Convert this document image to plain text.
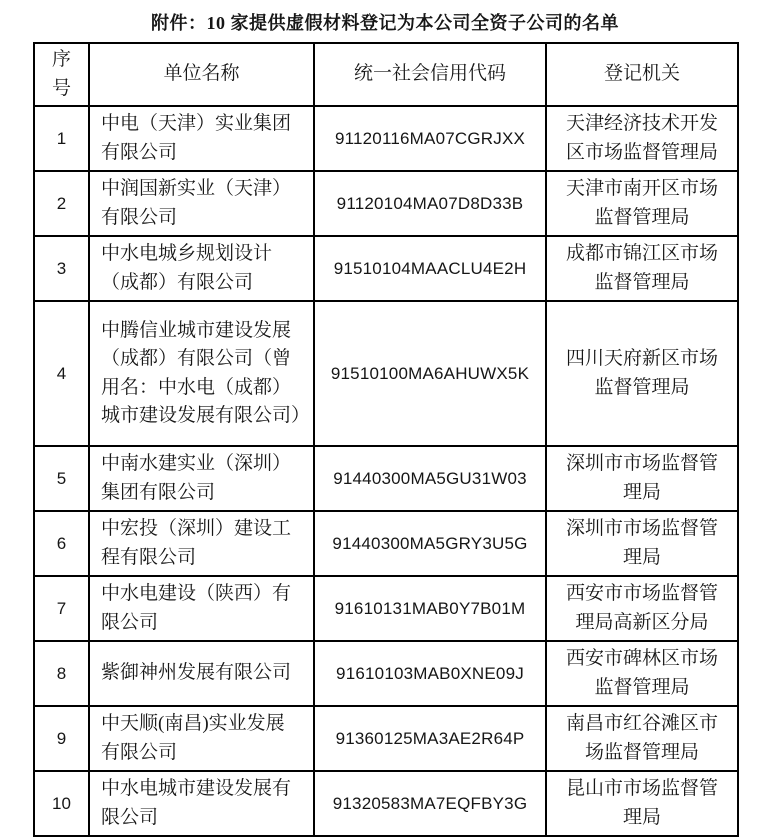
附件：10 家提供虚假材料登记为本公司全资子公司的名单
序号	单位名称	统一社会信用代码	登记机关
1	中电（天津）实业集团有限公司	91120116MA07CGRJXX	天津经济技术开发区市场监督管理局
2	中润国新实业（天津）有限公司	91120104MA07D8D33B	天津市南开区市场监督管理局
3	中水电城乡规划设计（成都）有限公司	91510104MAACLU4E2H	成都市锦江区市场监督管理局
4	中腾信业城市建设发展（成都）有限公司（曾用名：中水电（成都）城市建设发展有限公司）	91510100MA6AHUWX5K	四川天府新区市场监督管理局
5	中南水建实业（深圳）集团有限公司	91440300MA5GU31W03	深圳市市场监督管理局
6	中宏投（深圳）建设工程有限公司	91440300MA5GRY3U5G	深圳市市场监督管理局
7	中水电建设（陕西）有限公司	91610131MAB0Y7B01M	西安市市场监督管理局高新区分局
8	紫御神州发展有限公司	91610103MAB0XNE09J	西安市碑林区市场监督管理局
9	中天顺(南昌)实业发展有限公司	91360125MA3AE2R64P	南昌市红谷滩区市场监督管理局
10	中水电城市建设发展有限公司	91320583MA7EQFBY3G	昆山市市场监督管理局
